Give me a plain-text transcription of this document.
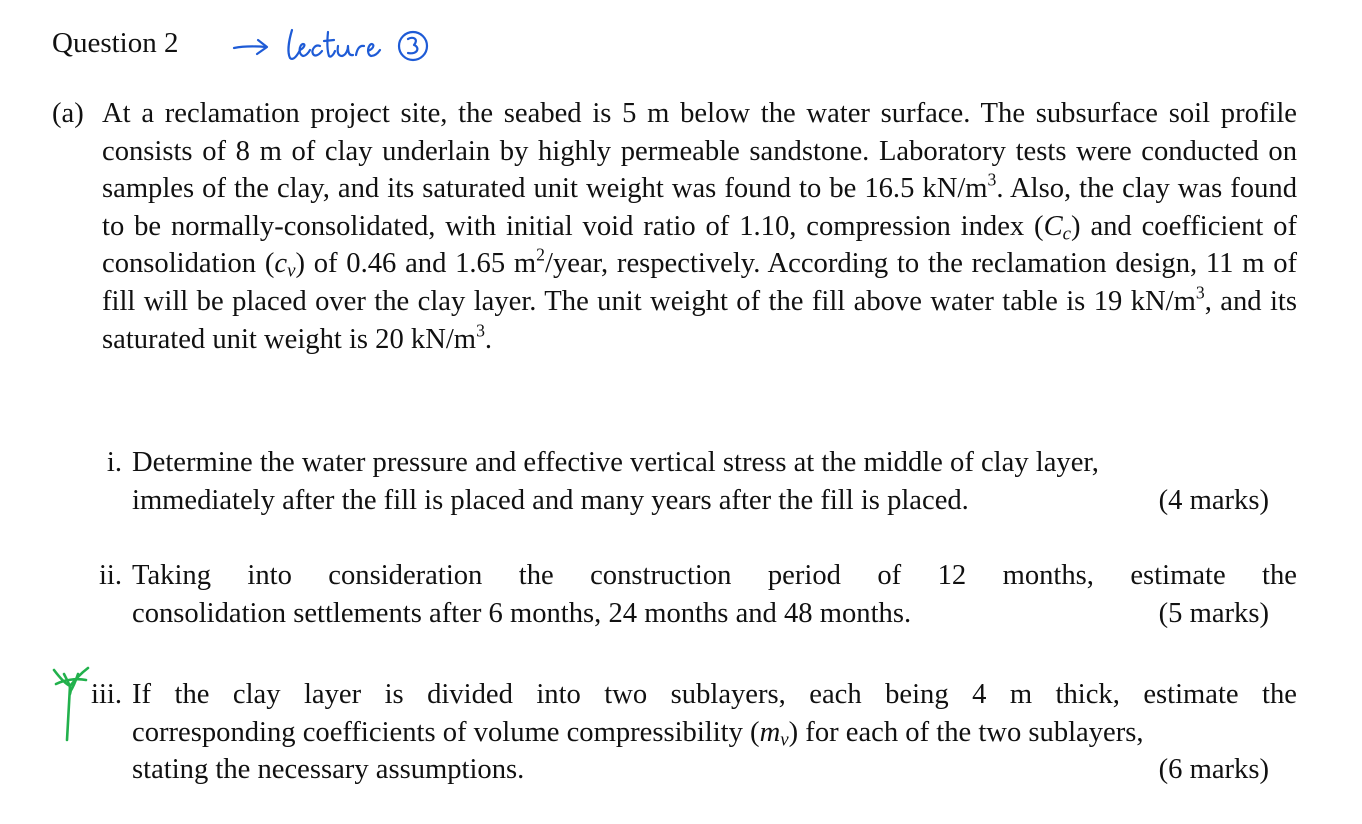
Question 2
(a) At a reclamation project site, the seabed is 5 m below the water surface. The subsurface soil profile consists of 8 m of clay underlain by highly permeable sandstone. Laboratory tests were conducted on samples of the clay, and its saturated unit weight was found to be 16.5 $kN/m^3$. Also, the clay was found to be normally-consolidated, with initial void ratio of 1.10, compression index $(C_c)$ and coefficient of consolidation $(c_v)$ of 0.46 and 1.65 $m^2$/year, respectively. According to the reclamation design, 11 m of fill will be placed over the clay layer. The unit weight of the fill above water table is 19 $kN/m^3$, and its saturated unit weight is 20 $kN/m^3$.
i. Determine the water pressure and effective vertical stress at the middle of clay layer,
immediately after the fill is placed and many years after the fill is placed.	(4 marks)
ii. Taking into consideration the construction period of 12 months, estimate the
consolidation settlements after 6 months, 24 months and 48 months.	(5 marks)
iii. If the clay layer is divided into two sublayers, each being 4 m thick, estimate the
corresponding coefficients of volume compressibility $(m_v)$ for each of the two sublayers,
stating the necessary assumptions.	(6 marks)
